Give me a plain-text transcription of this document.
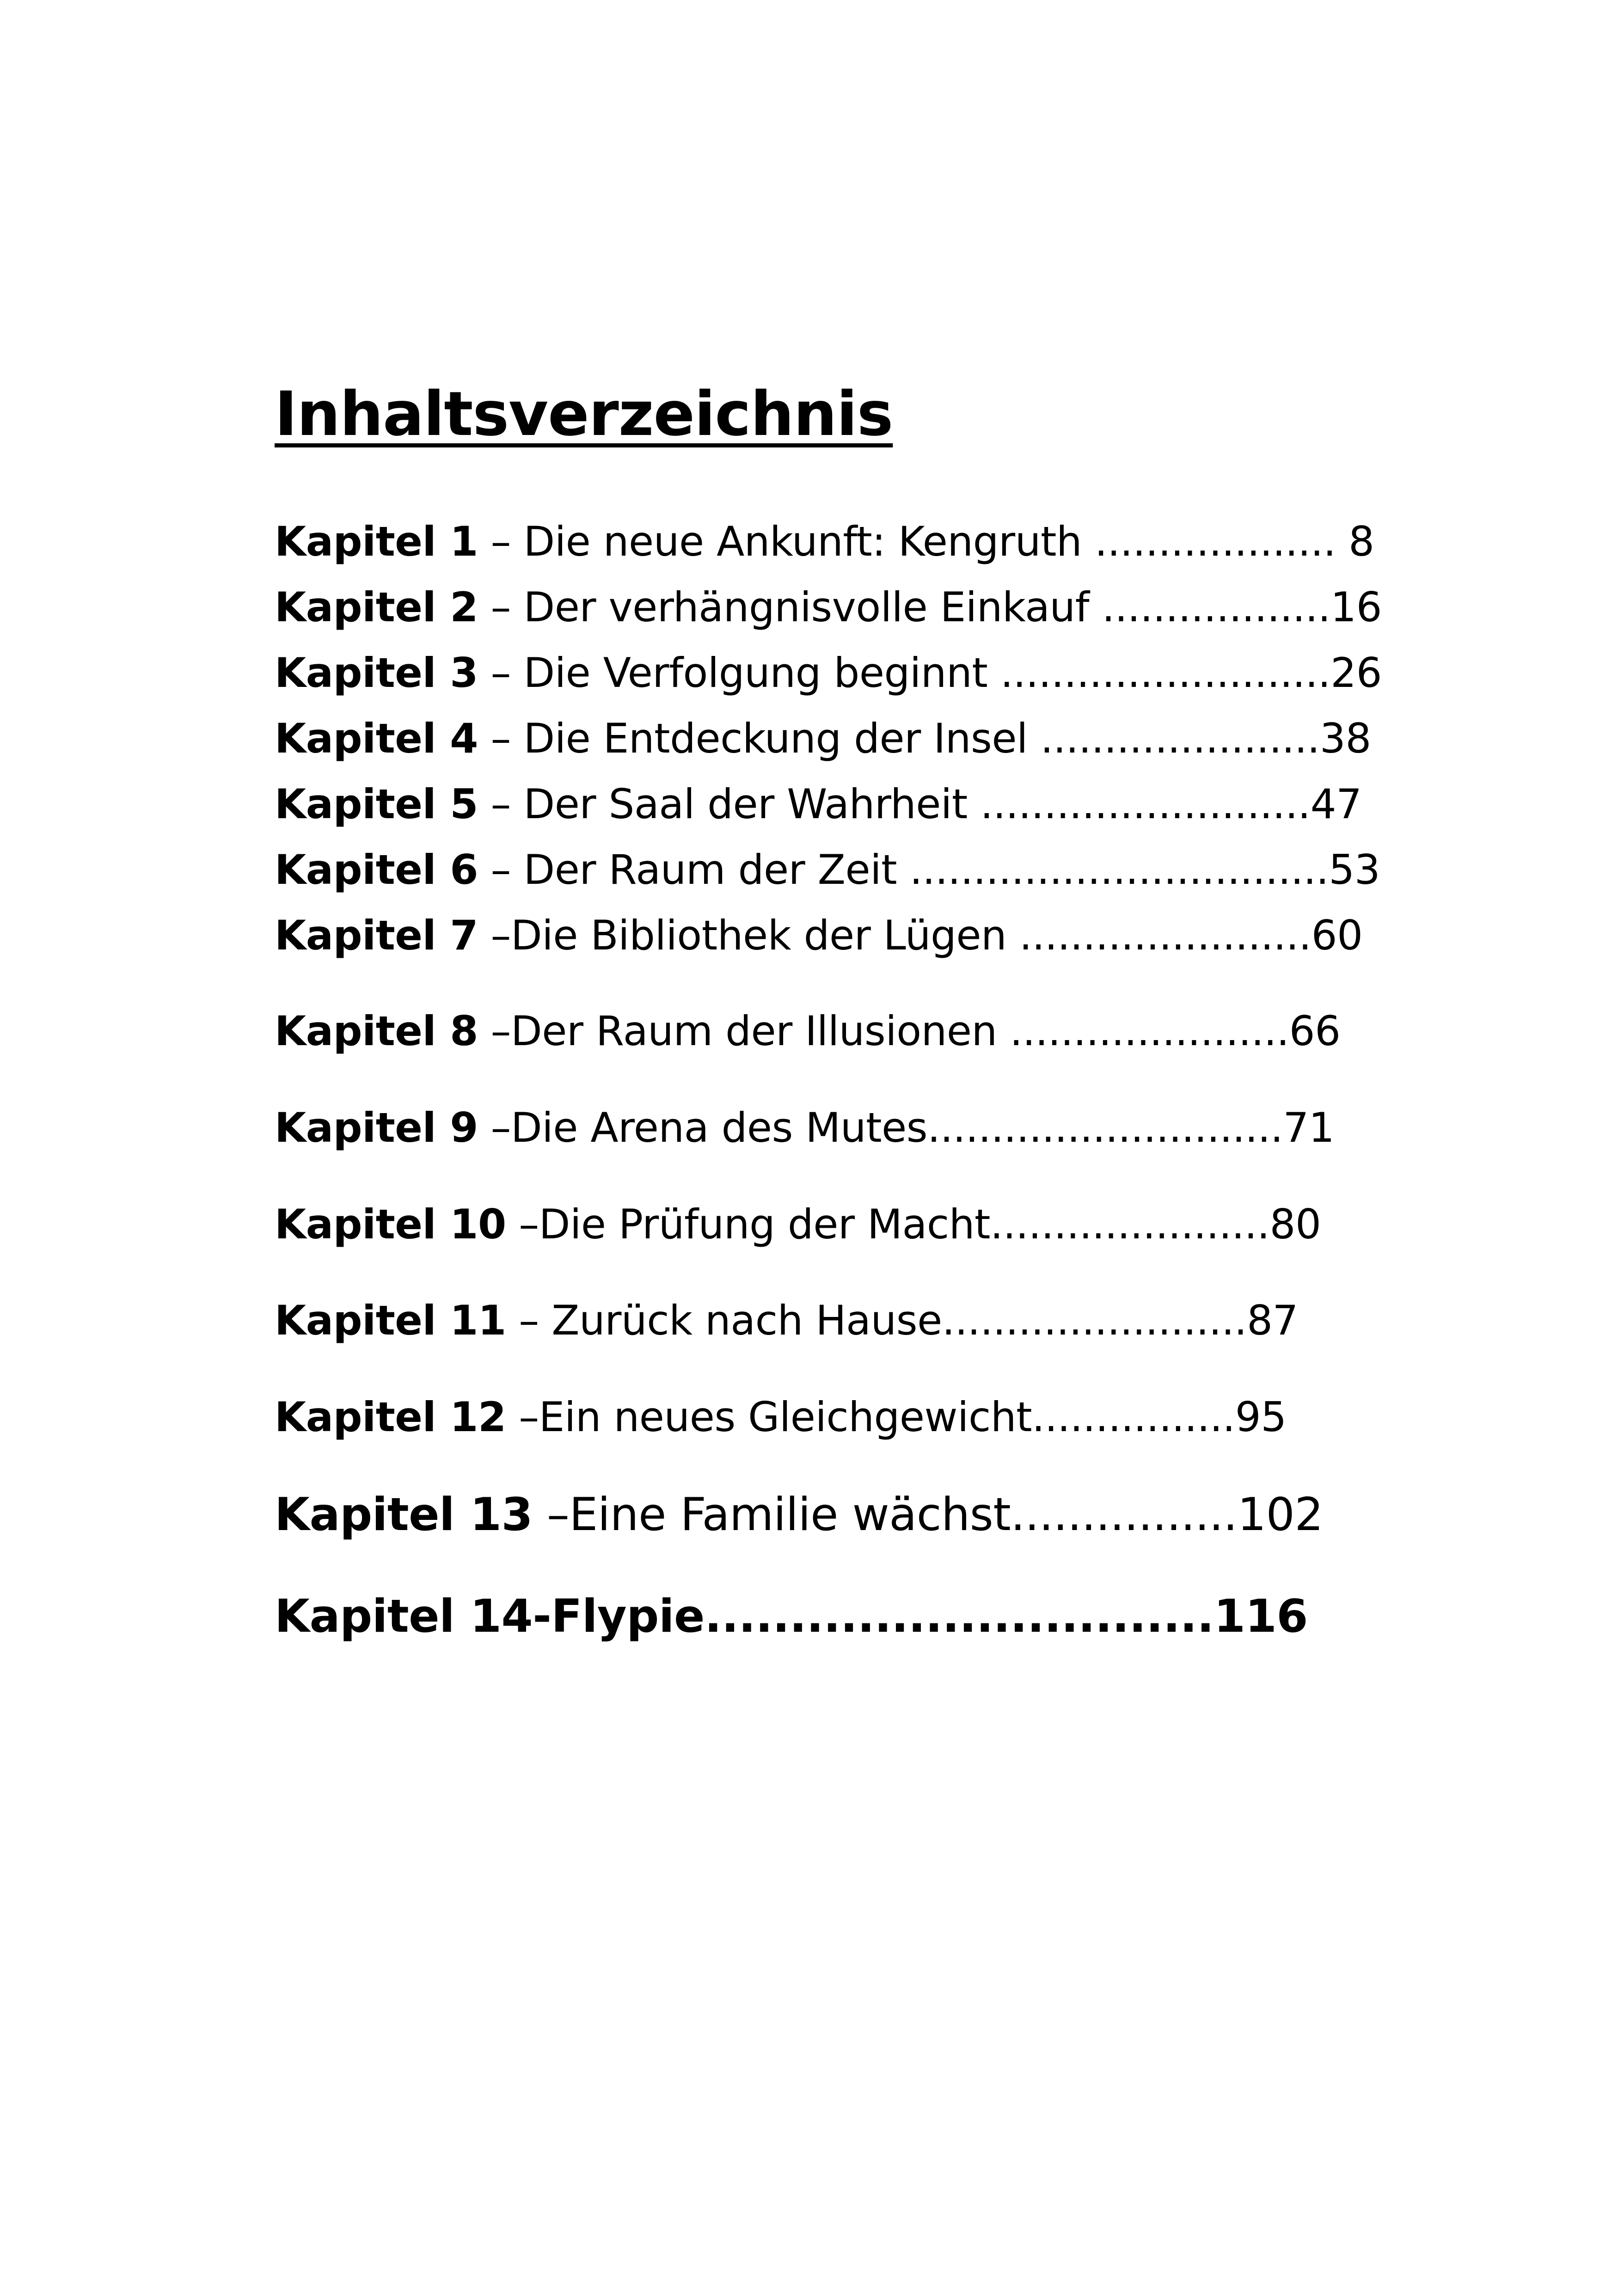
Inhaltsverzeichnis
Kapitel 1 – Die neue Ankunft: Kengruth ................... 8
Kapitel 2 – Der verhängnisvolle Einkauf ..................16
Kapitel 3 – Die Verfolgung beginnt ..........................26
Kapitel 4 – Die Entdeckung der Insel ......................38
Kapitel 5 – Der Saal der Wahrheit ..........................47
Kapitel 6 – Der Raum der Zeit .................................53
Kapitel 7 –Die Bibliothek der Lügen .......................60
Kapitel 8 –Der Raum der Illusionen ......................66
Kapitel 9 –Die Arena des Mutes............................71
Kapitel 10 –Die Prüfung der Macht......................80
Kapitel 11 – Zurück nach Hause........................87
Kapitel 12 –Ein neues Gleichgewicht................95
Kapitel 13 –Eine Familie wächst................102
Kapitel 14-Flypie..............................116
